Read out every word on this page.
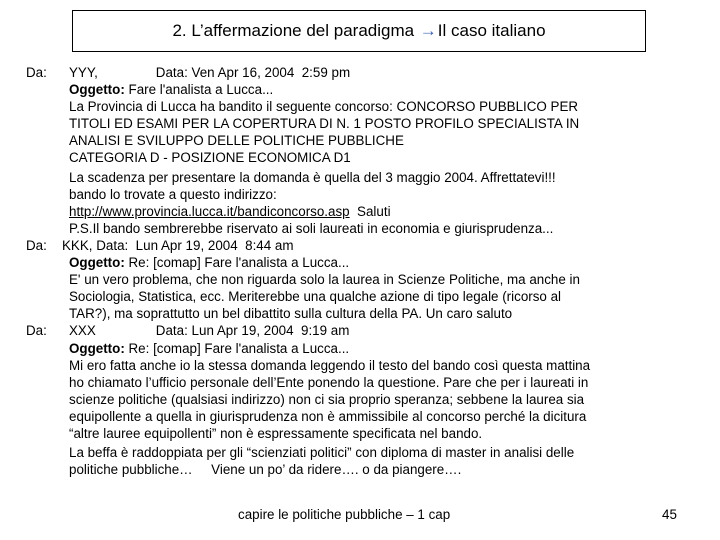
2. L’affermazione del paradigma → Il caso italiano
Da: YYY,	Data: Ven Apr 16, 2004  2:59 pm
Oggetto: Fare l'analista a Lucca...
La Provincia di Lucca ha bandito il seguente concorso: CONCORSO PUBBLICO PER
TITOLI ED ESAMI PER LA COPERTURA DI N. 1 POSTO PROFILO SPECIALISTA IN
ANALISI E SVILUPPO DELLE POLITICHE PUBBLICHE
CATEGORIA D - POSIZIONE ECONOMICA D1
La scadenza per presentare la domanda è quella del 3 maggio 2004. Affrettatevi!!!
bando lo trovate a questo indirizzo:
http://www.provincia.lucca.it/bandiconcorso.asp  Saluti
P.S.Il bando sembrerebbe riservato ai soli laureati in economia e giurisprudenza...
Da: KKK, Data:  Lun Apr 19, 2004  8:44 am
Oggetto: Re: [comap] Fare l'analista a Lucca...
E' un vero problema, che non riguarda solo la laurea in Scienze Politiche, ma anche in
Sociologia, Statistica, ecc. Meriterebbe una qualche azione di tipo legale (ricorso al
TAR?), ma soprattutto un bel dibattito sulla cultura della PA. Un caro saluto
Da: XXX	Data: Lun Apr 19, 2004  9:19 am
Oggetto: Re: [comap] Fare l'analista a Lucca...
Mi ero fatta anche io la stessa domanda leggendo il testo del bando così questa mattina
ho chiamato l’ufficio personale dell’Ente ponendo la questione. Pare che per i laureati in
scienze politiche (qualsiasi indirizzo) non ci sia proprio speranza; sebbene la laurea sia
equipollente a quella in giurisprudenza non è ammissibile al concorso perché la dicitura
“altre lauree equipollenti” non è espressamente specificata nel bando.
La beffa è raddoppiata per gli “scienziati politici” con diploma di master in analisi delle
politiche pubbliche…     Viene un po’ da ridere…. o da piangere….
capire le politiche pubbliche – 1 cap	45
